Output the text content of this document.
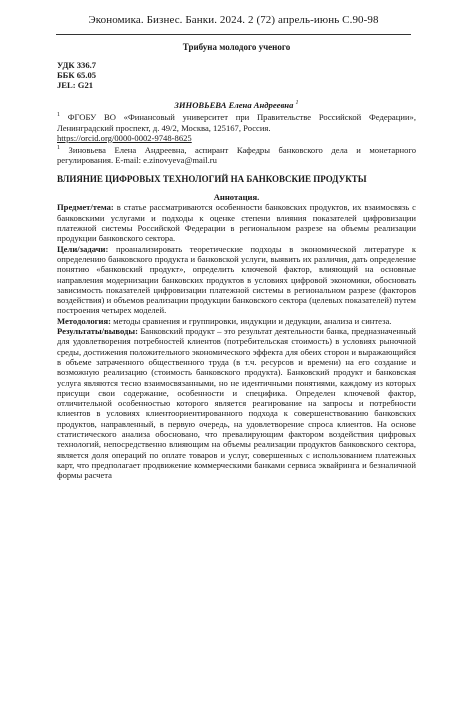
Экономика. Бизнес. Банки. 2024. 2 (72) апрель-июнь С.90-98
Трибуна молодого ученого
УДК 336.7
ББК 65.05
JEL: G21
ЗИНОВЬЕВА Елена Андреевна $^1$

$^1$ ФГОБУ ВО «Финансовый университет при Правительстве Российской Федерации», Ленинградский проспект, д. 49/2, Москва, 125167, Россия.
https://orcid.org/0000-0002-9748-8625

$^1$ Зиновьева Елена Андреевна, аспирант Кафедры банковского дела и монетарного регулирования. E-mail: e.zinovyeva@mail.ru

ВЛИЯНИЕ ЦИФРОВЫХ ТЕХНОЛОГИЙ НА БАНКОВСКИЕ ПРОДУКТЫ
Аннотация.

Предмет/тема: в статье рассматриваются особенности банковских продуктов, их взаимосвязь с банковскими услугами и подходы к оценке степени влияния показателей цифровизации платежной системы Российской Федерации в региональном разрезе на объемы реализации продукции банковского сектора.

Цели/задачи: проанализировать теоретические подходы в экономической литературе к определению банковского продукта и банковской услуги, выявить их различия, дать определение понятию «банковский продукт», определить ключевой фактор, влияющий на основные направления модернизации банковских продуктов в условиях цифровой экономики, обосновать зависимость показателей цифровизации платежной системы в региональном разрезе (факторов воздействия) и объемов реализации продукции банковского сектора (целевых показателей) путем построения четырех моделей.

Методология: методы сравнения и группировки, индукции и дедукции, анализа и синтеза.

Результаты/выводы: Банковский продукт – это результат деятельности банка, предназначенный для удовлетворения потребностей клиентов (потребительская стоимость) в условиях рыночной среды, достижения положительного экономического эффекта для обеих сторон и выражающийся в объеме затраченного общественного труда (в т.ч. ресурсов и времени) на его создание и возможную реализацию (стоимость банковского продукта). Банковский продукт и банковская услуга являются тесно взаимосвязанными, но не идентичными понятиями, каждому из которых присущи свои содержание, особенности и специфика. Определен ключевой фактор, отличительной особенностью которого является реагирование на запросы и потребности клиентов в условиях клиентоориентированного подхода к совершенствованию банковских продуктов, направленный, в первую очередь, на удовлетворение спроса клиентов. На основе статистического анализа обосновано, что превалирующим фактором воздействия цифровых технологий, непосредственно влияющим на объемы реализации продуктов банковского сектора, является доля операций по оплате товаров и услуг, совершенных с использованием платежных карт, что предполагает продвижение коммерческими банками сервиса эквайринга и безналичной формы расчета
